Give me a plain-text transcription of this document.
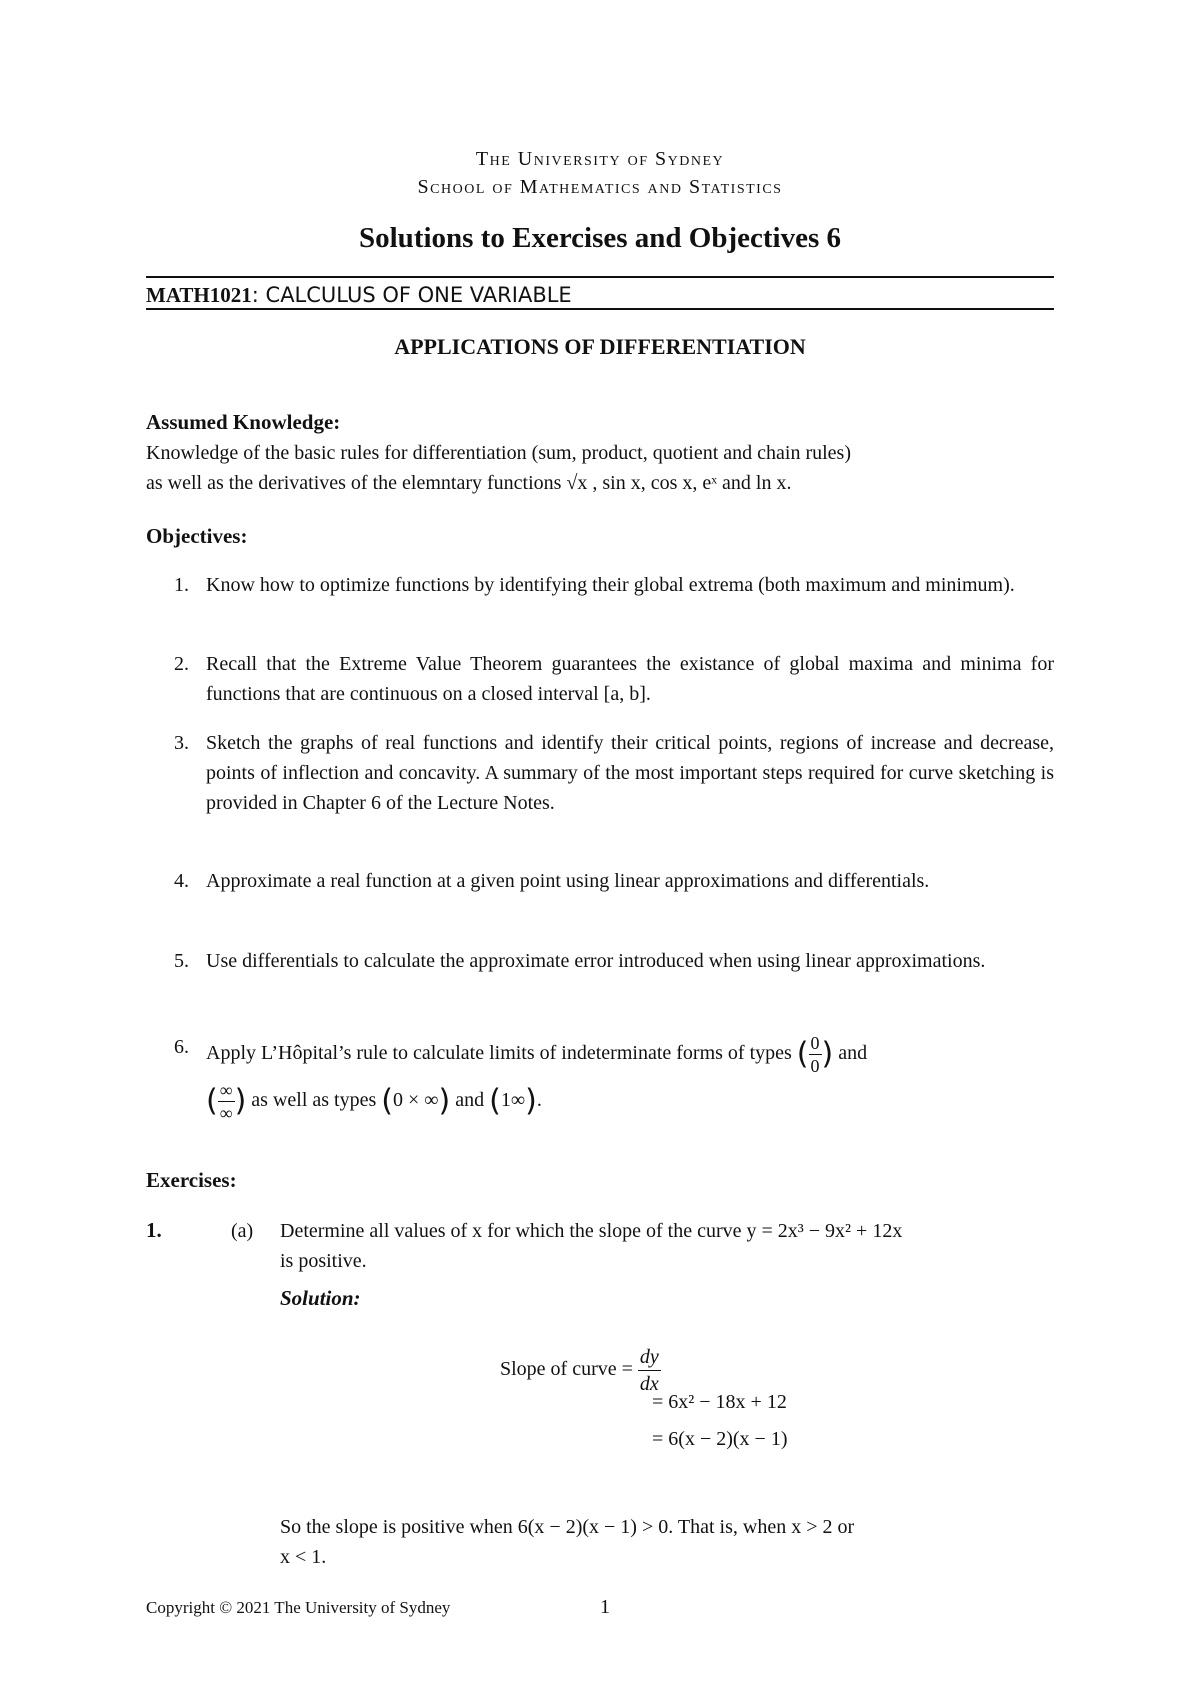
The University of Sydney
School of Mathematics and Statistics
Solutions to Exercises and Objectives 6
MATH1021: CALCULUS OF ONE VARIABLE
APPLICATIONS OF DIFFERENTIATION
Assumed Knowledge:
Knowledge of the basic rules for differentiation (sum, product, quotient and chain rules)
as well as the derivatives of the elemntary functions √x , sin x, cos x, eˣ and ln x.
Objectives:
1. Know how to optimize functions by identifying their global extrema (both maximum and minimum).
2. Recall that the Extreme Value Theorem guarantees the existance of global maxima and minima for functions that are continuous on a closed interval [a, b].
3. Sketch the graphs of real functions and identify their critical points, regions of increase and decrease, points of inflection and concavity. A summary of the most important steps required for curve sketching is provided in Chapter 6 of the Lecture Notes.
4. Approximate a real function at a given point using linear approximations and differentials.
5. Use differentials to calculate the approximate error introduced when using linear approximations.
6. Apply L’Hôpital’s rule to calculate limits of indeterminate forms of types ( $\frac{0}{0}$ ) and
( $\frac{\infty}{\infty}$ ) as well as types (0 × ∞) and (1∞).
Exercises:
1.	(a)	Determine all values of x for which the slope of the curve y = 2x³ − 9x² + 12x
is positive.
Solution:
Slope of curve = $\frac{dy}{dx}$
= 6x² − 18x + 12
= 6(x − 2)(x − 1)
So the slope is positive when 6(x − 2)(x − 1) > 0. That is, when x > 2 or
x < 1.
Copyright © 2021 The University of Sydney	1
